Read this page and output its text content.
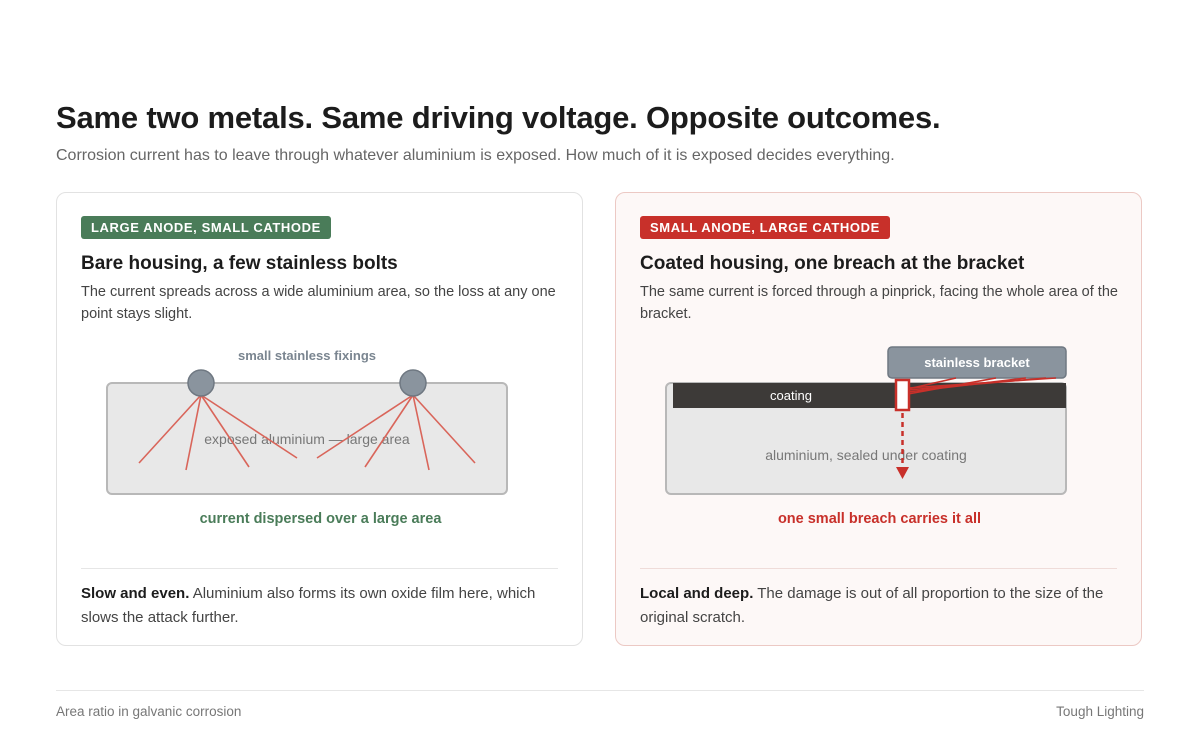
Same two metals. Same driving voltage. Opposite outcomes.

Corrosion current has to leave through whatever aluminium is exposed. How much of it is exposed decides everything.

LARGE ANODE, SMALL CATHODE
Bare housing, a few stainless bolts

The current spreads across a wide aluminium area, so the loss at any one point stays slight.

small stainless fixings
exposed aluminium — large area
current dispersed over a large area

Slow and even. Aluminium also forms its own oxide film here, which slows the attack further.

SMALL ANODE, LARGE CATHODE
Coated housing, one breach at the bracket

The same current is forced through a pinprick, facing the whole area of the bracket.

coating
aluminium, sealed under coating
stainless bracket
one small breach carries it all

Local and deep. The damage is out of all proportion to the size of the original scratch.

Area ratio in galvanic corrosion	Tough Lighting
